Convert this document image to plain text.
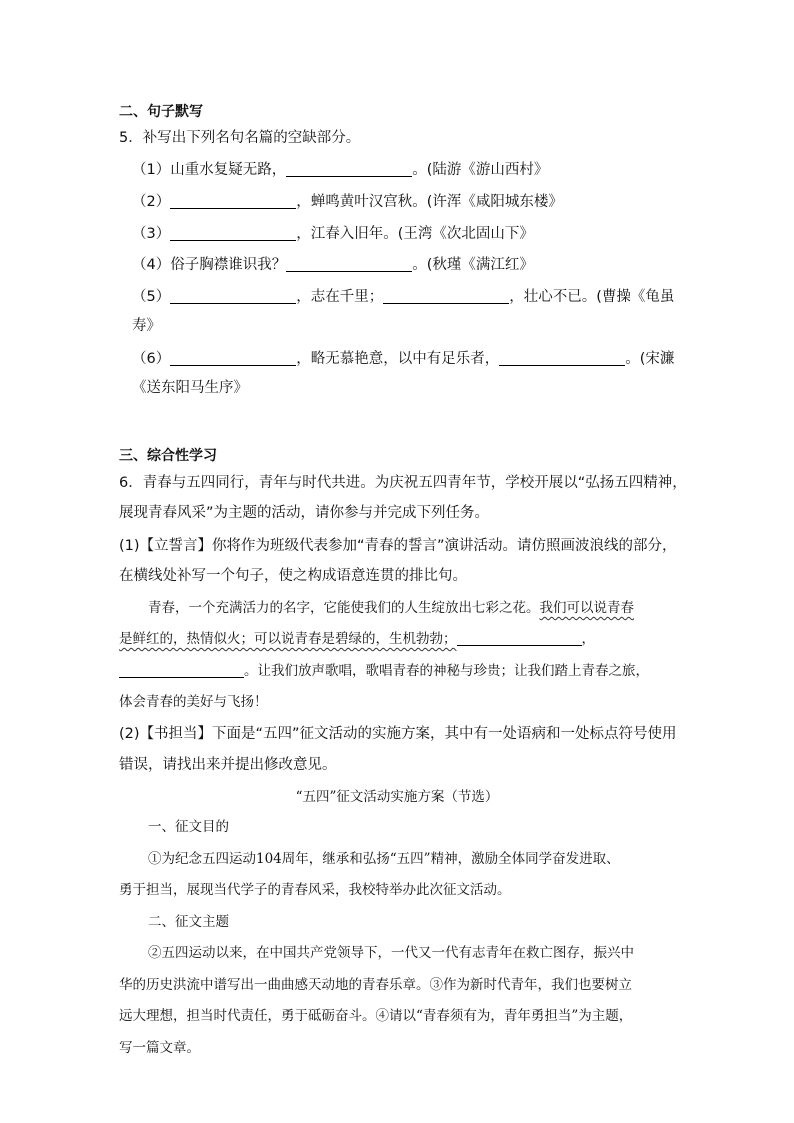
二、句子默写
5．补写出下列名句名篇的空缺部分。
（1）山重水复疑无路，	。(陆游《游山西村》
（2）	，蝉鸣黄叶汉宫秋。(许浑《咸阳城东楼》
（3）	，江春入旧年。(王湾《次北固山下》
（4）俗子胸襟谁识我？	。(秋瑾《满江红》
（5）	，志在千里；	，壮心不已。(曹操《龟虽
寿》
（6）	，略无慕艳意，以中有足乐者，	。(宋濂
《送东阳马生序》
三、综合性学习
6．青春与五四同行，青年与时代共进。为庆祝五四青年节，学校开展以“弘扬五四精神，
展现青春风采”为主题的活动，请你参与并完成下列任务。
(1)【立誓言】你将作为班级代表参加“青春的誓言”演讲活动。请仿照画波浪线的部分，
在横线处补写一个句子，使之构成语意连贯的排比句。
青春，一个充满活力的名字，它能使我们的人生绽放出七彩之花。我们可以说青春
是鲜红的，热情似火；可以说青春是碧绿的，生机勃勃；	，
。让我们放声歌唱，歌唱青春的神秘与珍贵；让我们踏上青春之旅，
体会青春的美好与飞扬！
(2)【书担当】下面是“五四”征文活动的实施方案，其中有一处语病和一处标点符号使用
错误，请找出来并提出修改意见。
“五四”征文活动实施方案（节选）
一、征文目的
①为纪念五四运动104周年，继承和弘扬“五四”精神，激励全体同学奋发进取、
勇于担当，展现当代学子的青春风采，我校特举办此次征文活动。
二、征文主题
②五四运动以来，在中国共产党领导下，一代又一代有志青年在救亡图存，振兴中
华的历史洪流中谱写出一曲曲感天动地的青春乐章。③作为新时代青年，我们也要树立
远大理想，担当时代责任，勇于砥砺奋斗。④请以“青春须有为，青年勇担当”为主题，
写一篇文章。
